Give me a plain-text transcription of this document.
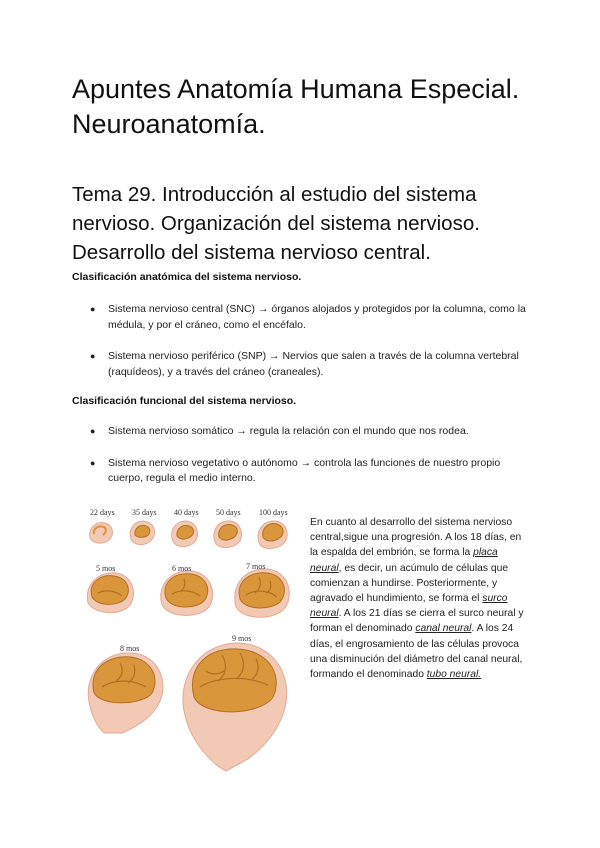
Apuntes Anatomía Humana Especial. Neuroanatomía.
Tema 29. Introducción al estudio del sistema nervioso. Organización del sistema nervioso. Desarrollo del sistema nervioso central.

Clasificación anatómica del sistema nervioso.

● Sistema nervioso central (SNC) → órganos alojados y protegidos por la columna, como la médula, y por el cráneo, como el encéfalo.
● Sistema nervioso periférico (SNP) → Nervios que salen a través de la columna vertebral (raquídeos), y a través del cráneo (craneales).

Clasificación funcional del sistema nervioso.

● Sistema nervioso somático → regula la relación con el mundo que nos rodea.
● Sistema nervioso vegetativo o autónomo → controla las funciones de nuestro propio cuerpo, regula el medio interno.
22 days 35 days 40 days 50 days 100 days
5 mos	6 mos	7 mos
8 mos
9 mos

En cuanto al desarrollo del sistema nervioso central,sigue una progresión. A los 18 días, en la espalda del embrión, se forma la placa neural, es decir, un acúmulo de células que comienzan a hundirse. Posteriormente, y agravado el hundimiento, se forma el surco neural. A los 21 días se cierra el surco neural y forman el denominado canal neural. A los 24 días, el engrosamiento de las células provoca una disminución del diámetro del canal neural, formando el denominado tubo neural.
